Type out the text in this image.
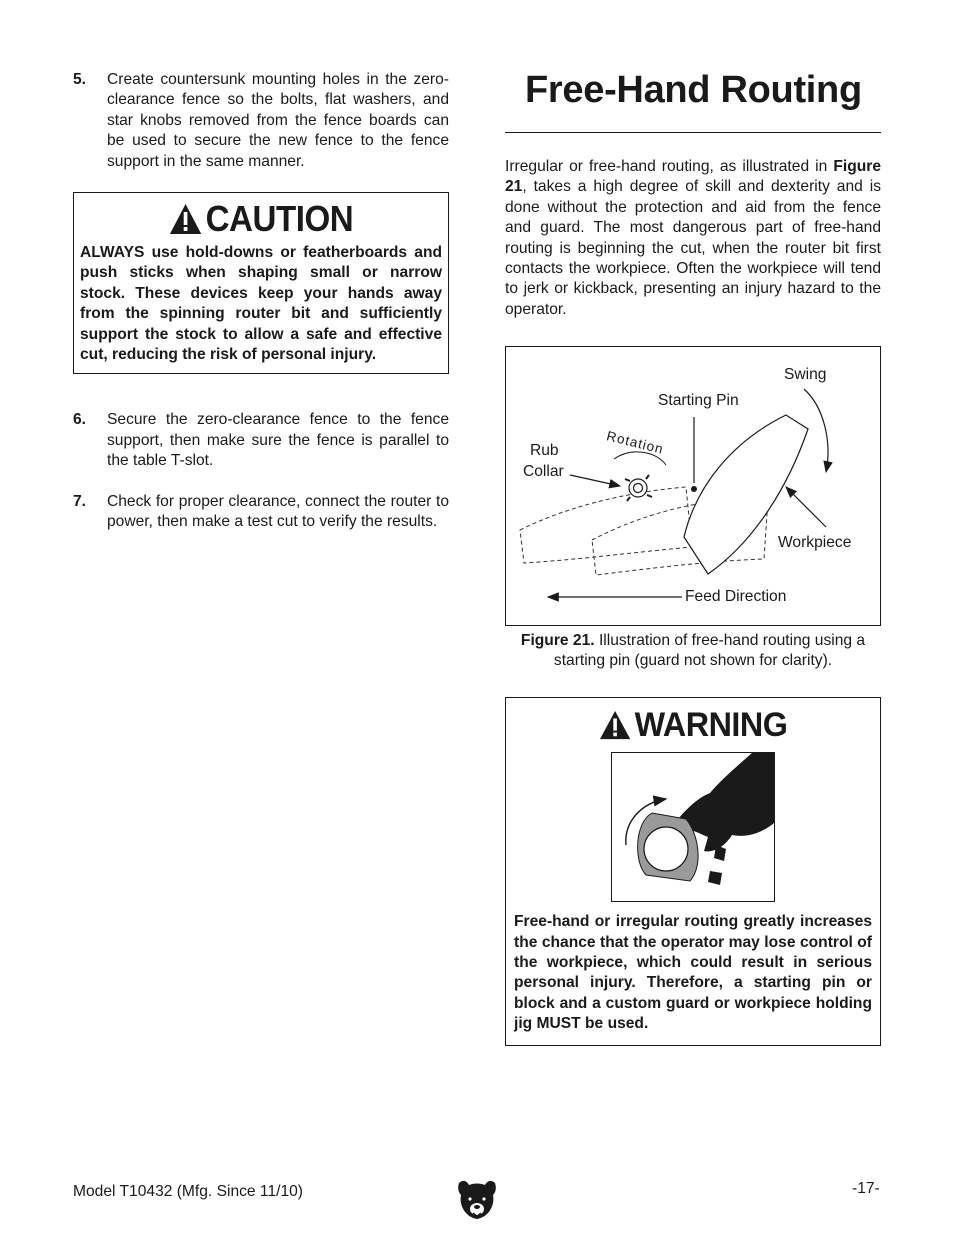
5.	Create countersunk mounting holes in the zero-clearance fence so the bolts, flat washers, and star knobs removed from the fence boards can be used to secure the new fence to the fence support in the same manner.
CAUTION
ALWAYS use hold-downs or featherboards and push sticks when shaping small or narrow stock. These devices keep your hands away from the spinning router bit and sufficiently support the stock to allow a safe and effective cut, reducing the risk of personal injury.
6.	Secure the zero-clearance fence to the fence support, then make sure the fence is parallel to the table T-slot.
7.	Check for proper clearance, connect the router to power, then make a test cut to verify the results.
Free-Hand Routing
Irregular or free-hand routing, as illustrated in Figure 21, takes a high degree of skill and dexterity and is done without the protection and aid from the fence and guard. The most dangerous part of free-hand routing is beginning the cut, when the router bit first contacts the workpiece. Often the workpiece will tend to jerk or kickback, presenting an injury hazard to the operator.
Swing
Starting Pin
Rotation
Rub
Collar
Workpiece
Feed Direction
Figure 21. Illustration of free-hand routing using a starting pin (guard not shown for clarity).
WARNING
Free-hand or irregular routing greatly increases the chance that the operator may lose control of the workpiece, which could result in serious personal injury. Therefore, a starting pin or block and a custom guard or workpiece holding jig MUST be used.
Model T10432 (Mfg. Since 11/10)	-17-
